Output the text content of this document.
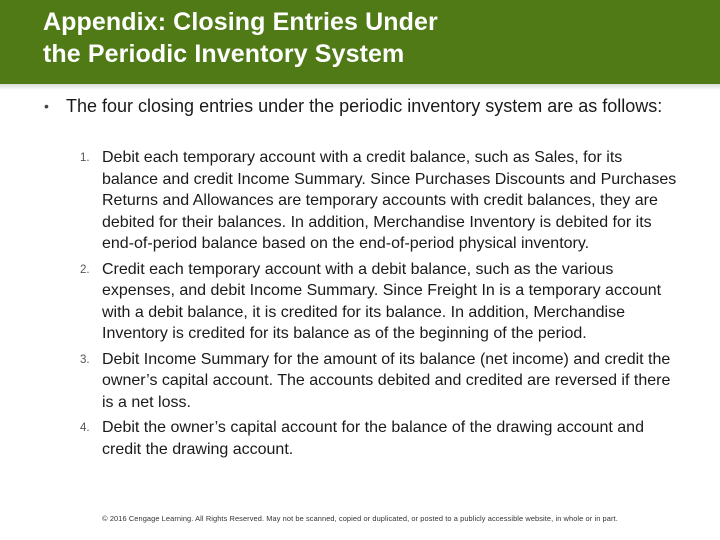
Appendix: Closing Entries Under
the Periodic Inventory System
• The four closing entries under the periodic inventory system are as follows:
1. Debit each temporary account with a credit balance, such as Sales, for its balance and credit Income Summary. Since Purchases Discounts and Purchases Returns and Allowances are temporary accounts with credit balances, they are debited for their balances. In addition, Merchandise Inventory is debited for its end-of-period balance based on the end-of-period physical inventory.
2. Credit each temporary account with a debit balance, such as the various expenses, and debit Income Summary. Since Freight In is a temporary account with a debit balance, it is credited for its balance. In addition, Merchandise Inventory is credited for its balance as of the beginning of the period.
3. Debit Income Summary for the amount of its balance (net income) and credit the owner’s capital account. The accounts debited and credited are reversed if there is a net loss.
4. Debit the owner’s capital account for the balance of the drawing account and credit the drawing account.
© 2016 Cengage Learning. All Rights Reserved. May not be scanned, copied or duplicated, or posted to a publicly accessible website, in whole or in part.
